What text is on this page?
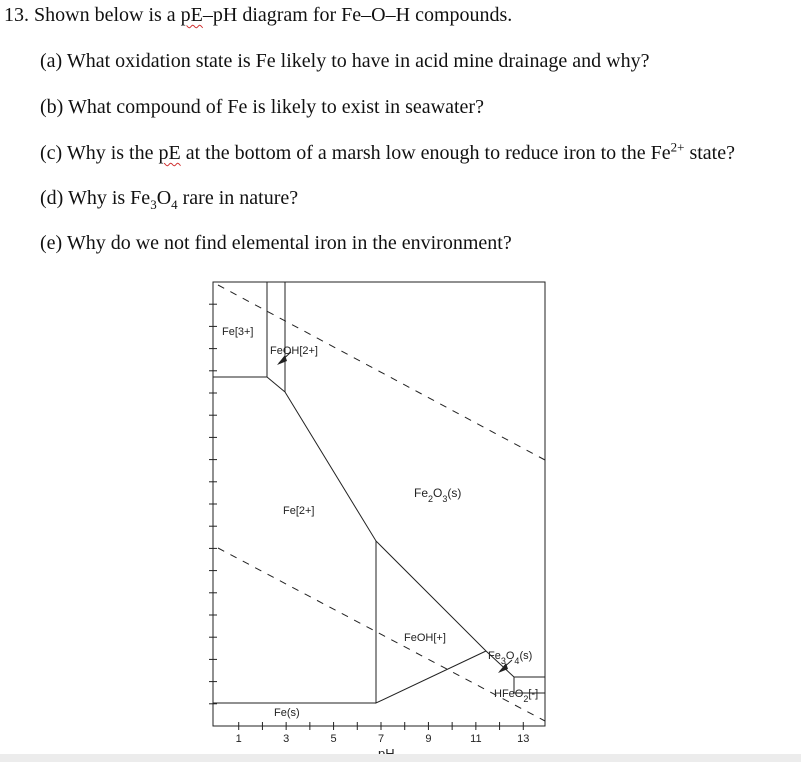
13. Shown below is a pE–pH diagram for Fe–O–H compounds.
(a) What oxidation state is Fe likely to have in acid mine drainage and why?
(b) What compound of Fe is likely to exist in seawater?
(c) Why is the pE at the bottom of a marsh low enough to reduce iron to the $Fe^{2+}$ state?
(d) Why is $Fe_3O_4$ rare in nature?
(e) Why do we not find elemental iron in the environment?
1	3	5	7	9	11	13
Fe[3+]
FeOH[2+]
$Fe_2O_3(s)$
Fe[2+]
FeOH[+]
$Fe_3O_4(s)$
HFeO$_2$[-]
Fe(s)
